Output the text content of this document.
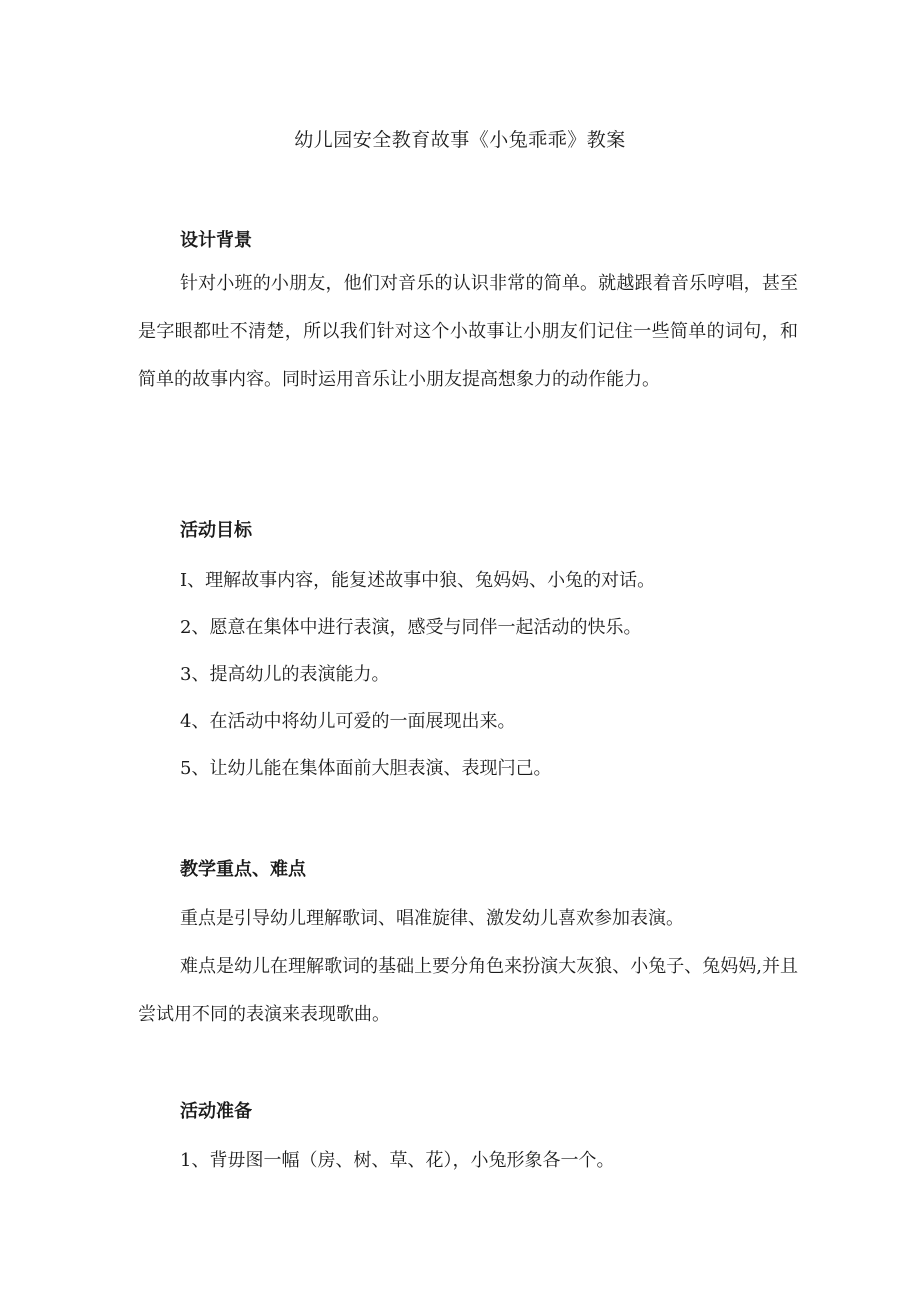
幼儿园安全教育故事《小兔乖乖》教案
设计背景

针对小班的小朋友，他们对音乐的认识非常的简单。就越跟着音乐哼唱，甚至是字眼都吐不清楚，所以我们针对这个小故事让小朋友们记住一些简单的词句，和简单的故事内容。同时运用音乐让小朋友提高想象力的动作能力。

活动目标
I、理解故事内容，能复述故事中狼、兔妈妈、小兔的对话。
2、愿意在集体中进行表演，感受与同伴一起活动的快乐。
3、提高幼儿的表演能力。
4、在活动中将幼儿可爱的一面展现出来。
5、让幼儿能在集体面前大胆表演、表现闩己。
教学重点、难点

重点是引导幼儿理解歌词、唱准旋律、激发幼儿喜欢参加表演。

难点是幼儿在理解歌词的基础上要分角色来扮演大灰狼、小兔子、兔妈妈,并且尝试用不同的表演来表现歌曲。

活动准备
1、背毋图一幅（房、树、草、花），小兔形象各一个。
